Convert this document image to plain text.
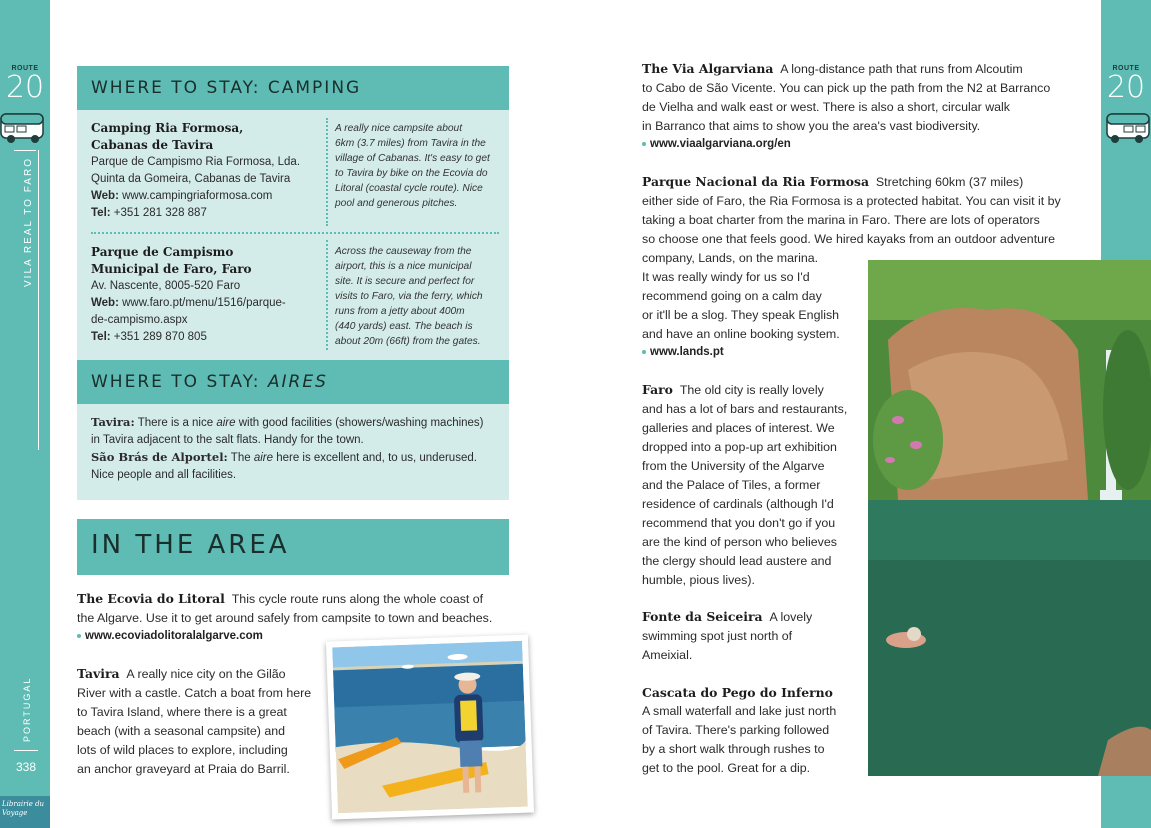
ROUTE
20
VILA REAL TO FARO
PORTUGAL
338
Librairie du Voyage
ROUTE
20
WHERE TO STAY: CAMPING
Camping Ria Formosa,
Cabanas de Tavira
Parque de Campismo Ria Formosa, Lda.
Quinta da Gomeira, Cabanas de Tavira
Web: www.campingriaformosa.com
Tel: +351 281 328 887
A really nice campsite about
6km (3.7 miles) from Tavira in the
village of Cabanas. It's easy to get
to Tavira by bike on the Ecovia do
Litoral (coastal cycle route). Nice
pool and generous pitches.
Parque de Campismo
Municipal de Faro, Faro
Av. Nascente, 8005-520 Faro
Web: www.faro.pt/menu/1516/parque-
de-campismo.aspx
Tel: +351 289 870 805
Across the causeway from the
airport, this is a nice municipal
site. It is secure and perfect for
visits to Faro, via the ferry, which
runs from a jetty about 400m
(440 yards) east. The beach is
about 20m (66ft) from the gates.
WHERE TO STAY: AIRES
Tavira: There is a nice aire with good facilities (showers/washing machines)
in Tavira adjacent to the salt flats. Handy for the town.
São Brás de Alportel: The aire here is excellent and, to us, underused.
Nice people and all facilities.
IN THE AREA
The Ecovia do Litoral This cycle route runs along the whole coast of
the Algarve. Use it to get around safely from campsite to town and beaches.
www.ecoviadolitoralalgarve.com
Tavira A really nice city on the Gilão
River with a castle. Catch a boat from here
to Tavira Island, where there is a great
beach (with a seasonal campsite) and
lots of wild places to explore, including
an anchor graveyard at Praia do Barril.
The Via Algarviana A long-distance path that runs from Alcoutim
to Cabo de São Vicente. You can pick up the path from the N2 at Barranco
de Vielha and walk east or west. There is also a short, circular walk
in Barranco that aims to show you the area's vast biodiversity.
www.viaalgarviana.org/en
Parque Nacional da Ria Formosa Stretching 60km (37 miles)
either side of Faro, the Ria Formosa is a protected habitat. You can visit it by
taking a boat charter from the marina in Faro. There are lots of operators
so choose one that feels good. We hired kayaks from an outdoor adventure
company, Lands, on the marina.
It was really windy for us so I'd
recommend going on a calm day
or it'll be a slog. They speak English
and have an online booking system.
www.lands.pt
Faro The old city is really lovely
and has a lot of bars and restaurants,
galleries and places of interest. We
dropped into a pop-up art exhibition
from the University of the Algarve
and the Palace of Tiles, a former
residence of cardinals (although I'd
recommend that you don't go if you
are the kind of person who believes
the clergy should lead austere and
humble, pious lives).
Fonte da Seiceira A lovely
swimming spot just north of
Ameixial.
Cascata do Pego do Inferno
A small waterfall and lake just north
of Tavira. There's parking followed
by a short walk through rushes to
get to the pool. Great for a dip.
